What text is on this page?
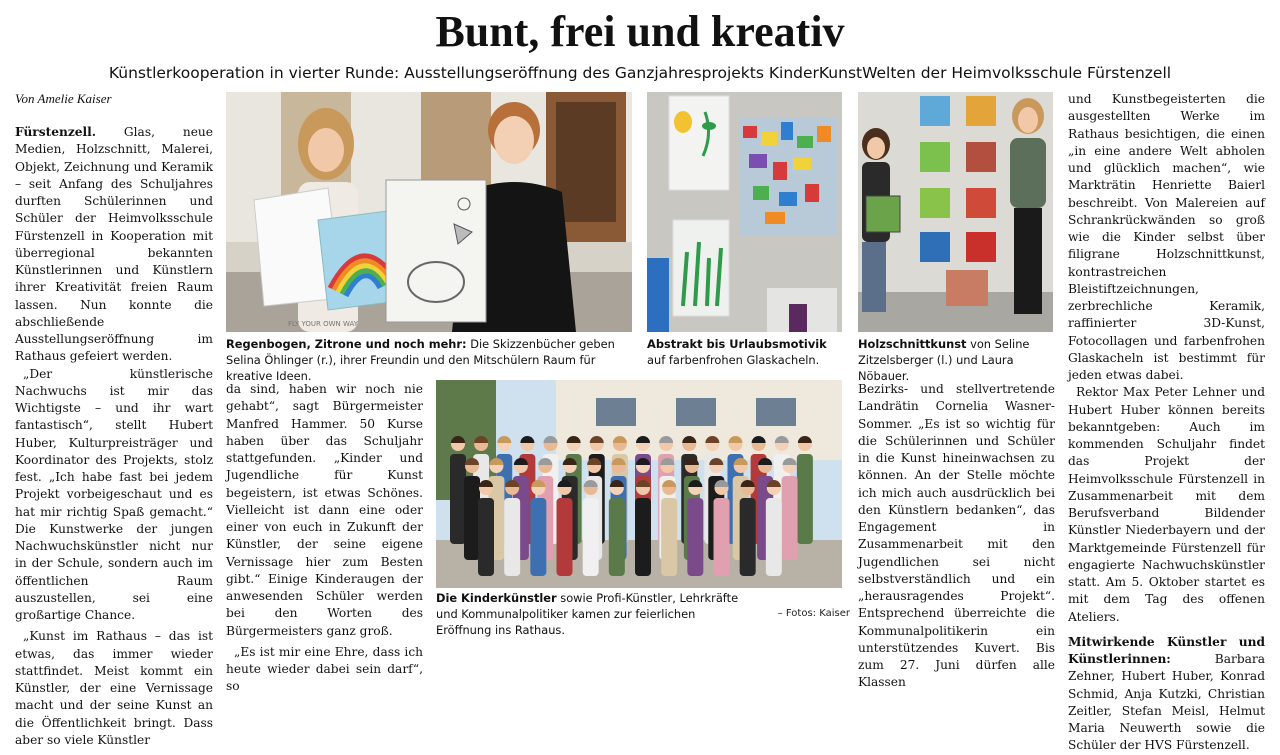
Bunt, frei und kreativ
Künstlerkooperation in vierter Runde: Ausstellungseröffnung des Ganzjahresprojekts KinderKunstWelten der Heimvolksschule Fürstenzell
Von Amelie Kaiser

Fürstenzell. Glas, neue Medien, Holzschnitt, Malerei, Objekt, Zeichnung und Keramik – seit Anfang des Schuljahres durften Schülerinnen und Schüler der Heimvolksschule Fürstenzell in Kooperation mit überregional bekannten Künstlerinnen und Künstlern ihrer Kreativität freien Raum lassen. Nun konnte die abschließende Ausstellungseröffnung im Rathaus gefeiert werden.

„Der künstlerische Nachwuchs ist mir das Wichtigste – und ihr wart fantastisch“, stellt Hubert Huber, Kulturpreisträger und Koordinator des Projekts, stolz fest. „Ich habe fast bei jedem Projekt vorbeigeschaut und es hat mir richtig Spaß gemacht.“ Die Kunstwerke der jungen Nachwuchskünstler nicht nur in der Schule, sondern auch im öffentlichen Raum auszustellen, sei eine großartige Chance.

„Kunst im Rathaus – das ist etwas, das immer wieder stattfindet. Meist kommt ein Künstler, der eine Vernissage macht und der seine Kunst an die Öffentlichkeit bringt. Dass aber so viele Künstler

FLY YOUR OWN WAY
Regenbogen, Zitrone und noch mehr: Die Skizzenbücher geben Selina Öhlinger (r.), ihrer Freundin und den Mitschülern Raum für kreative Ideen.
Abstrakt bis Urlaubsmotivik auf farbenfrohen Glaskacheln.
Holzschnittkunst von Seline Zitzelsberger (l.) und Laura Nöbauer.

da sind, haben wir noch nie gehabt“, sagt Bürgermeister Manfred Hammer. 50 Kurse haben über das Schuljahr stattgefunden. „Kinder und Jugendliche für Kunst begeistern, ist etwas Schönes. Vielleicht ist dann eine oder einer von euch in Zukunft der Künstler, der seine eigene Vernissage hier zum Besten gibt.“ Einige Kinderaugen der anwesenden Schüler werden bei den Worten des Bürgermeisters ganz groß.

„Es ist mir eine Ehre, dass ich heute wieder dabei sein darf“, so

Die Kinderkünstler sowie Profi-Künstler, Lehrkräfte und Kommunalpolitiker kamen zur feierlichen Eröffnung ins Rathaus.
– Fotos: Kaiser

Bezirks- und stellvertretende Landrätin Cornelia Wasner-Sommer. „Es ist so wichtig für die Schülerinnen und Schüler in die Kunst hineinwachsen zu können. An der Stelle möchte ich mich auch ausdrücklich bei den Künstlern bedanken“, das Engagement in Zusammenarbeit mit den Jugendlichen sei nicht selbstverständlich und ein „herausragendes Projekt“. Entsprechend überreichte die Kommunalpolitikerin ein unterstützendes Kuvert. Bis zum 27. Juni dürfen alle Klassen

und Kunstbegeisterten die ausgestellten Werke im Rathaus besichtigen, die einen „in eine andere Welt abholen und glücklich machen“, wie Markträtin Henriette Baierl beschreibt. Von Malereien auf Schrankrückwänden so groß wie die Kinder selbst über filigrane Holzschnittkunst, kontrastreichen Bleistiftzeichnungen, zerbrechliche Keramik, raffinierter 3D-Kunst, Fotocollagen und farbenfrohen Glaskacheln ist bestimmt für jeden etwas dabei.

Rektor Max Peter Lehner und Hubert Huber können bereits bekanntgeben: Auch im kommenden Schuljahr findet das Projekt der Heimvolksschule Fürstenzell in Zusammenarbeit mit dem Berufsverband Bildender Künstler Niederbayern und der Marktgemeinde Fürstenzell für engagierte Nachwuchskünstler statt. Am 5. Oktober startet es mit dem Tag des offenen Ateliers.

Mitwirkende Künstler und Künstlerinnen: Barbara Zehner, Hubert Huber, Konrad Schmid, Anja Kutzki, Christian Zeitler, Stefan Meisl, Helmut Maria Neuwerth sowie die Schüler der HVS Fürstenzell.
